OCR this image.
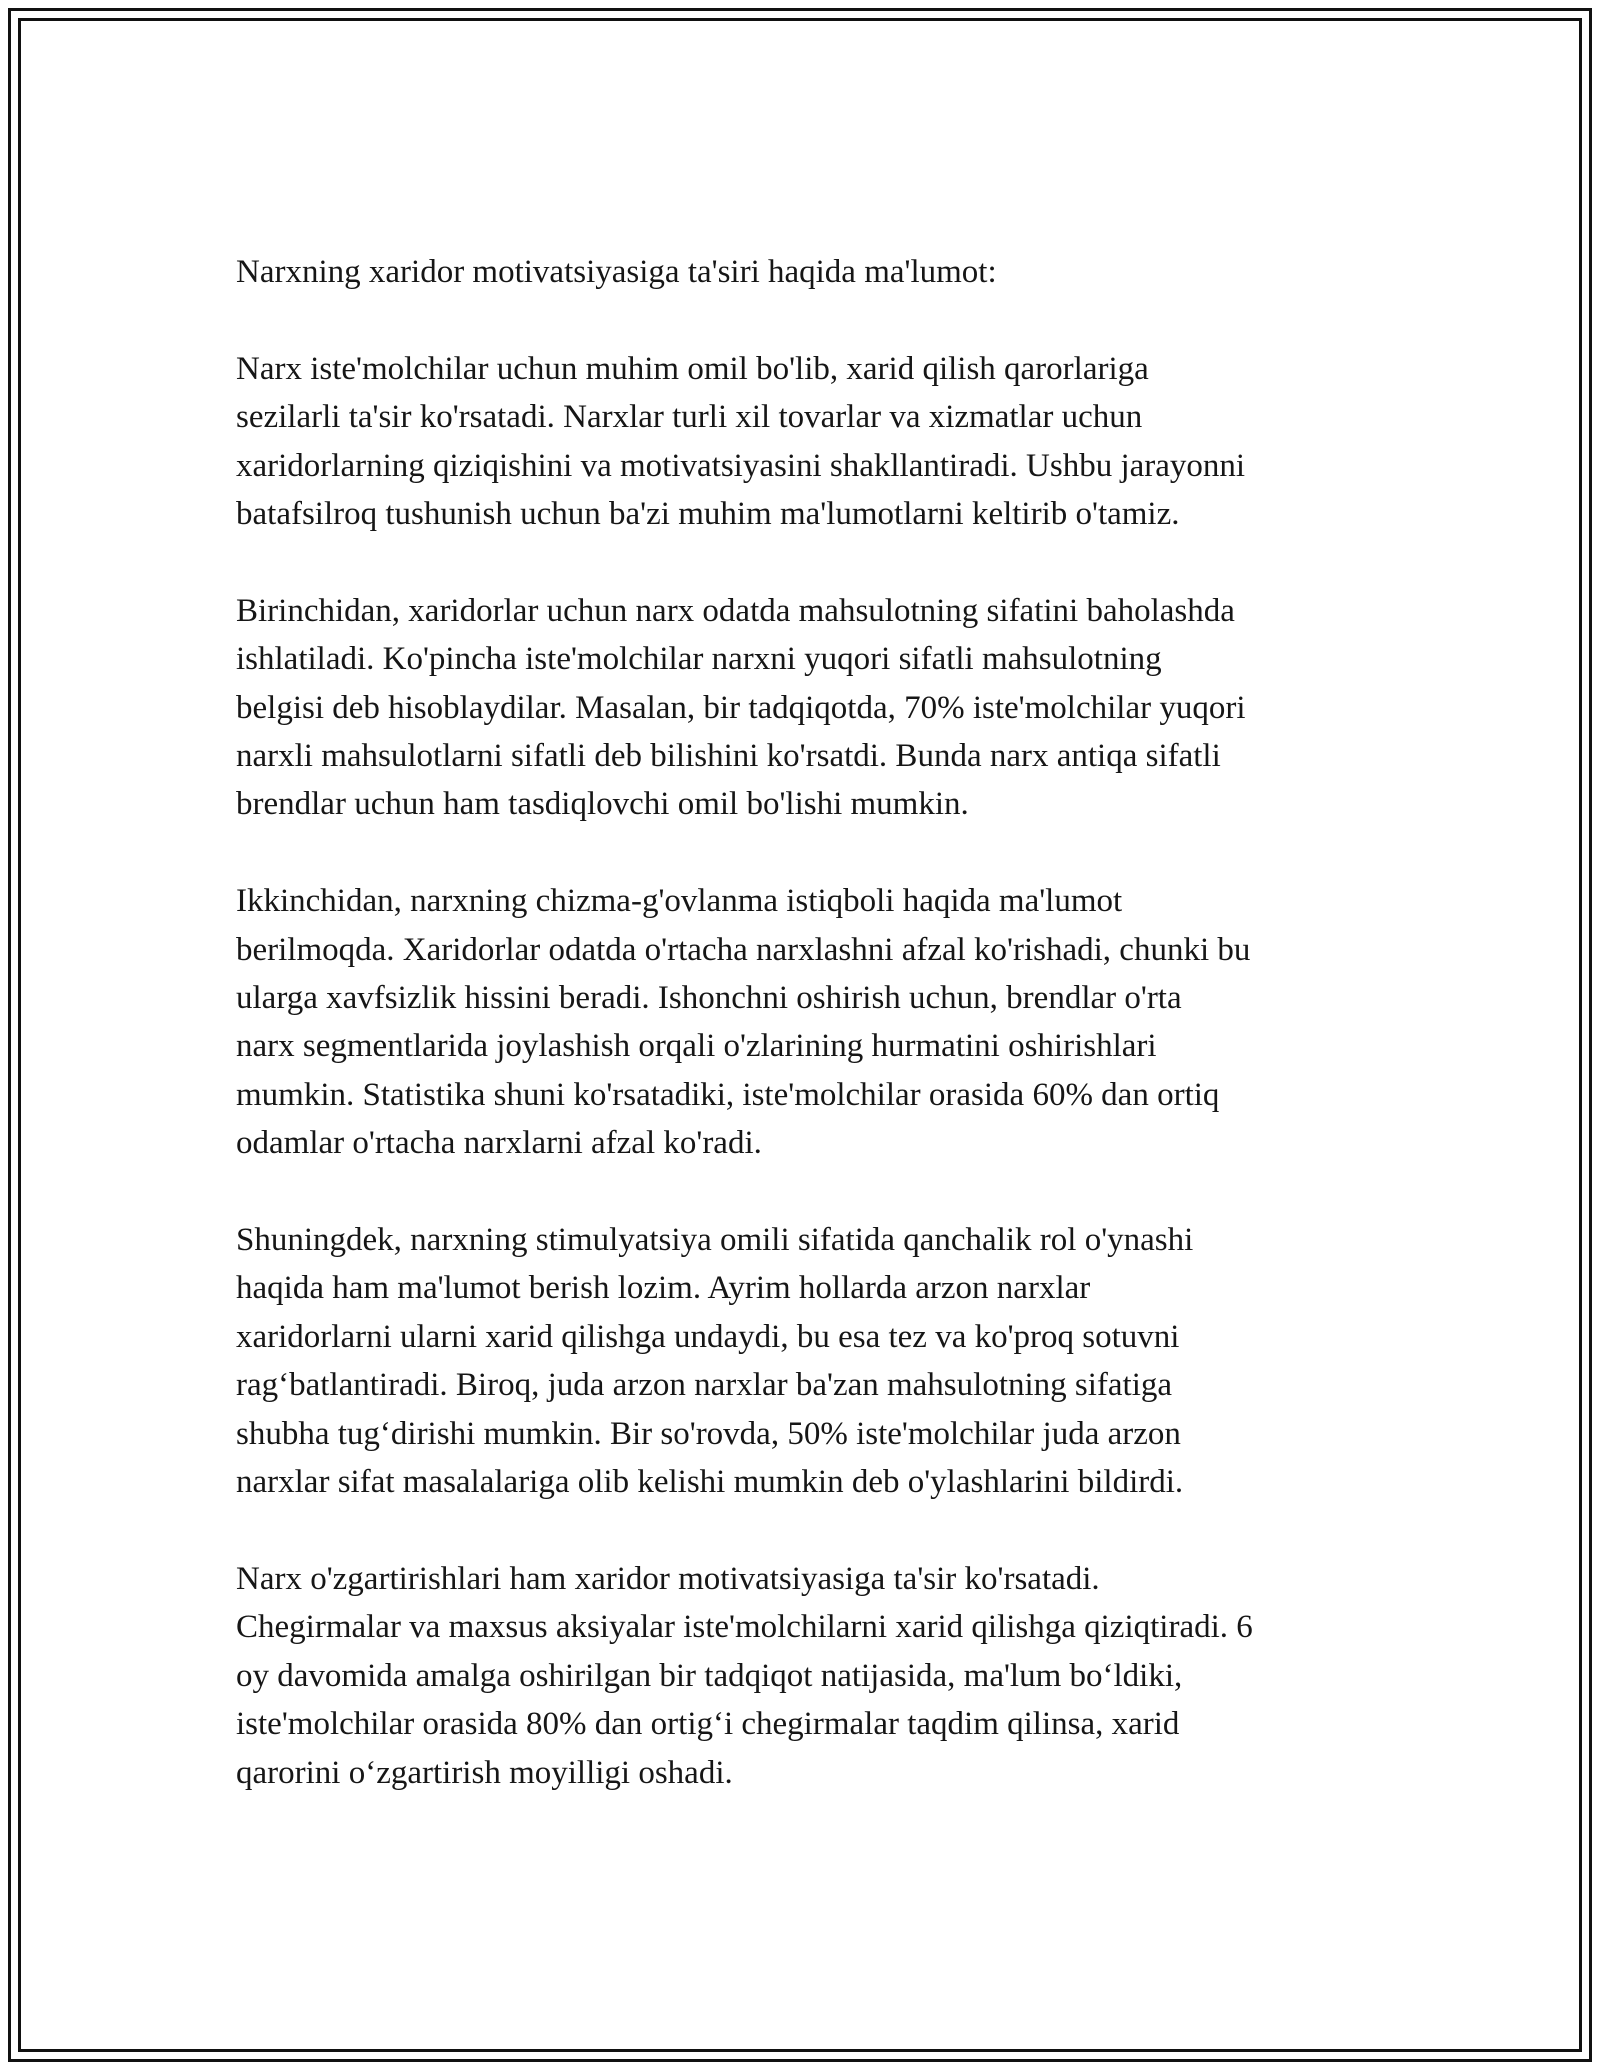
Narxning xaridor motivatsiyasiga ta'siri haqida ma'lumot:

Narx iste'molchilar uchun muhim omil bo'lib, xarid qilish qarorlariga
sezilarli ta'sir ko'rsatadi. Narxlar turli xil tovarlar va xizmatlar uchun
xaridorlarning qiziqishini va motivatsiyasini shakllantiradi. Ushbu jarayonni
batafsilroq tushunish uchun ba'zi muhim ma'lumotlarni keltirib o'tamiz.

Birinchidan, xaridorlar uchun narx odatda mahsulotning sifatini baholashda
ishlatiladi. Ko'pincha iste'molchilar narxni yuqori sifatli mahsulotning
belgisi deb hisoblaydilar. Masalan, bir tadqiqotda, 70% iste'molchilar yuqori
narxli mahsulotlarni sifatli deb bilishini ko'rsatdi. Bunda narx antiqa sifatli
brendlar uchun ham tasdiqlovchi omil bo'lishi mumkin.

Ikkinchidan, narxning chizma-g'ovlanma istiqboli haqida ma'lumot
berilmoqda. Xaridorlar odatda o'rtacha narxlashni afzal ko'rishadi, chunki bu
ularga xavfsizlik hissini beradi. Ishonchni oshirish uchun, brendlar o'rta
narx segmentlarida joylashish orqali o'zlarining hurmatini oshirishlari
mumkin. Statistika shuni ko'rsatadiki, iste'molchilar orasida 60% dan ortiq
odamlar o'rtacha narxlarni afzal ko'radi.

Shuningdek, narxning stimulyatsiya omili sifatida qanchalik rol o'ynashi
haqida ham ma'lumot berish lozim. Ayrim hollarda arzon narxlar
xaridorlarni ularni xarid qilishga undaydi, bu esa tez va ko'proq sotuvni
rag‘batlantiradi. Biroq, juda arzon narxlar ba'zan mahsulotning sifatiga
shubha tug‘dirishi mumkin. Bir so'rovda, 50% iste'molchilar juda arzon
narxlar sifat masalalariga olib kelishi mumkin deb o'ylashlarini bildirdi.

Narx o'zgartirishlari ham xaridor motivatsiyasiga ta'sir ko'rsatadi.
Chegirmalar va maxsus aksiyalar iste'molchilarni xarid qilishga qiziqtiradi. 6
oy davomida amalga oshirilgan bir tadqiqot natijasida, ma'lum bo‘ldiki,
iste'molchilar orasida 80% dan ortig‘i chegirmalar taqdim qilinsa, xarid
qarorini o‘zgartirish moyilligi oshadi.
